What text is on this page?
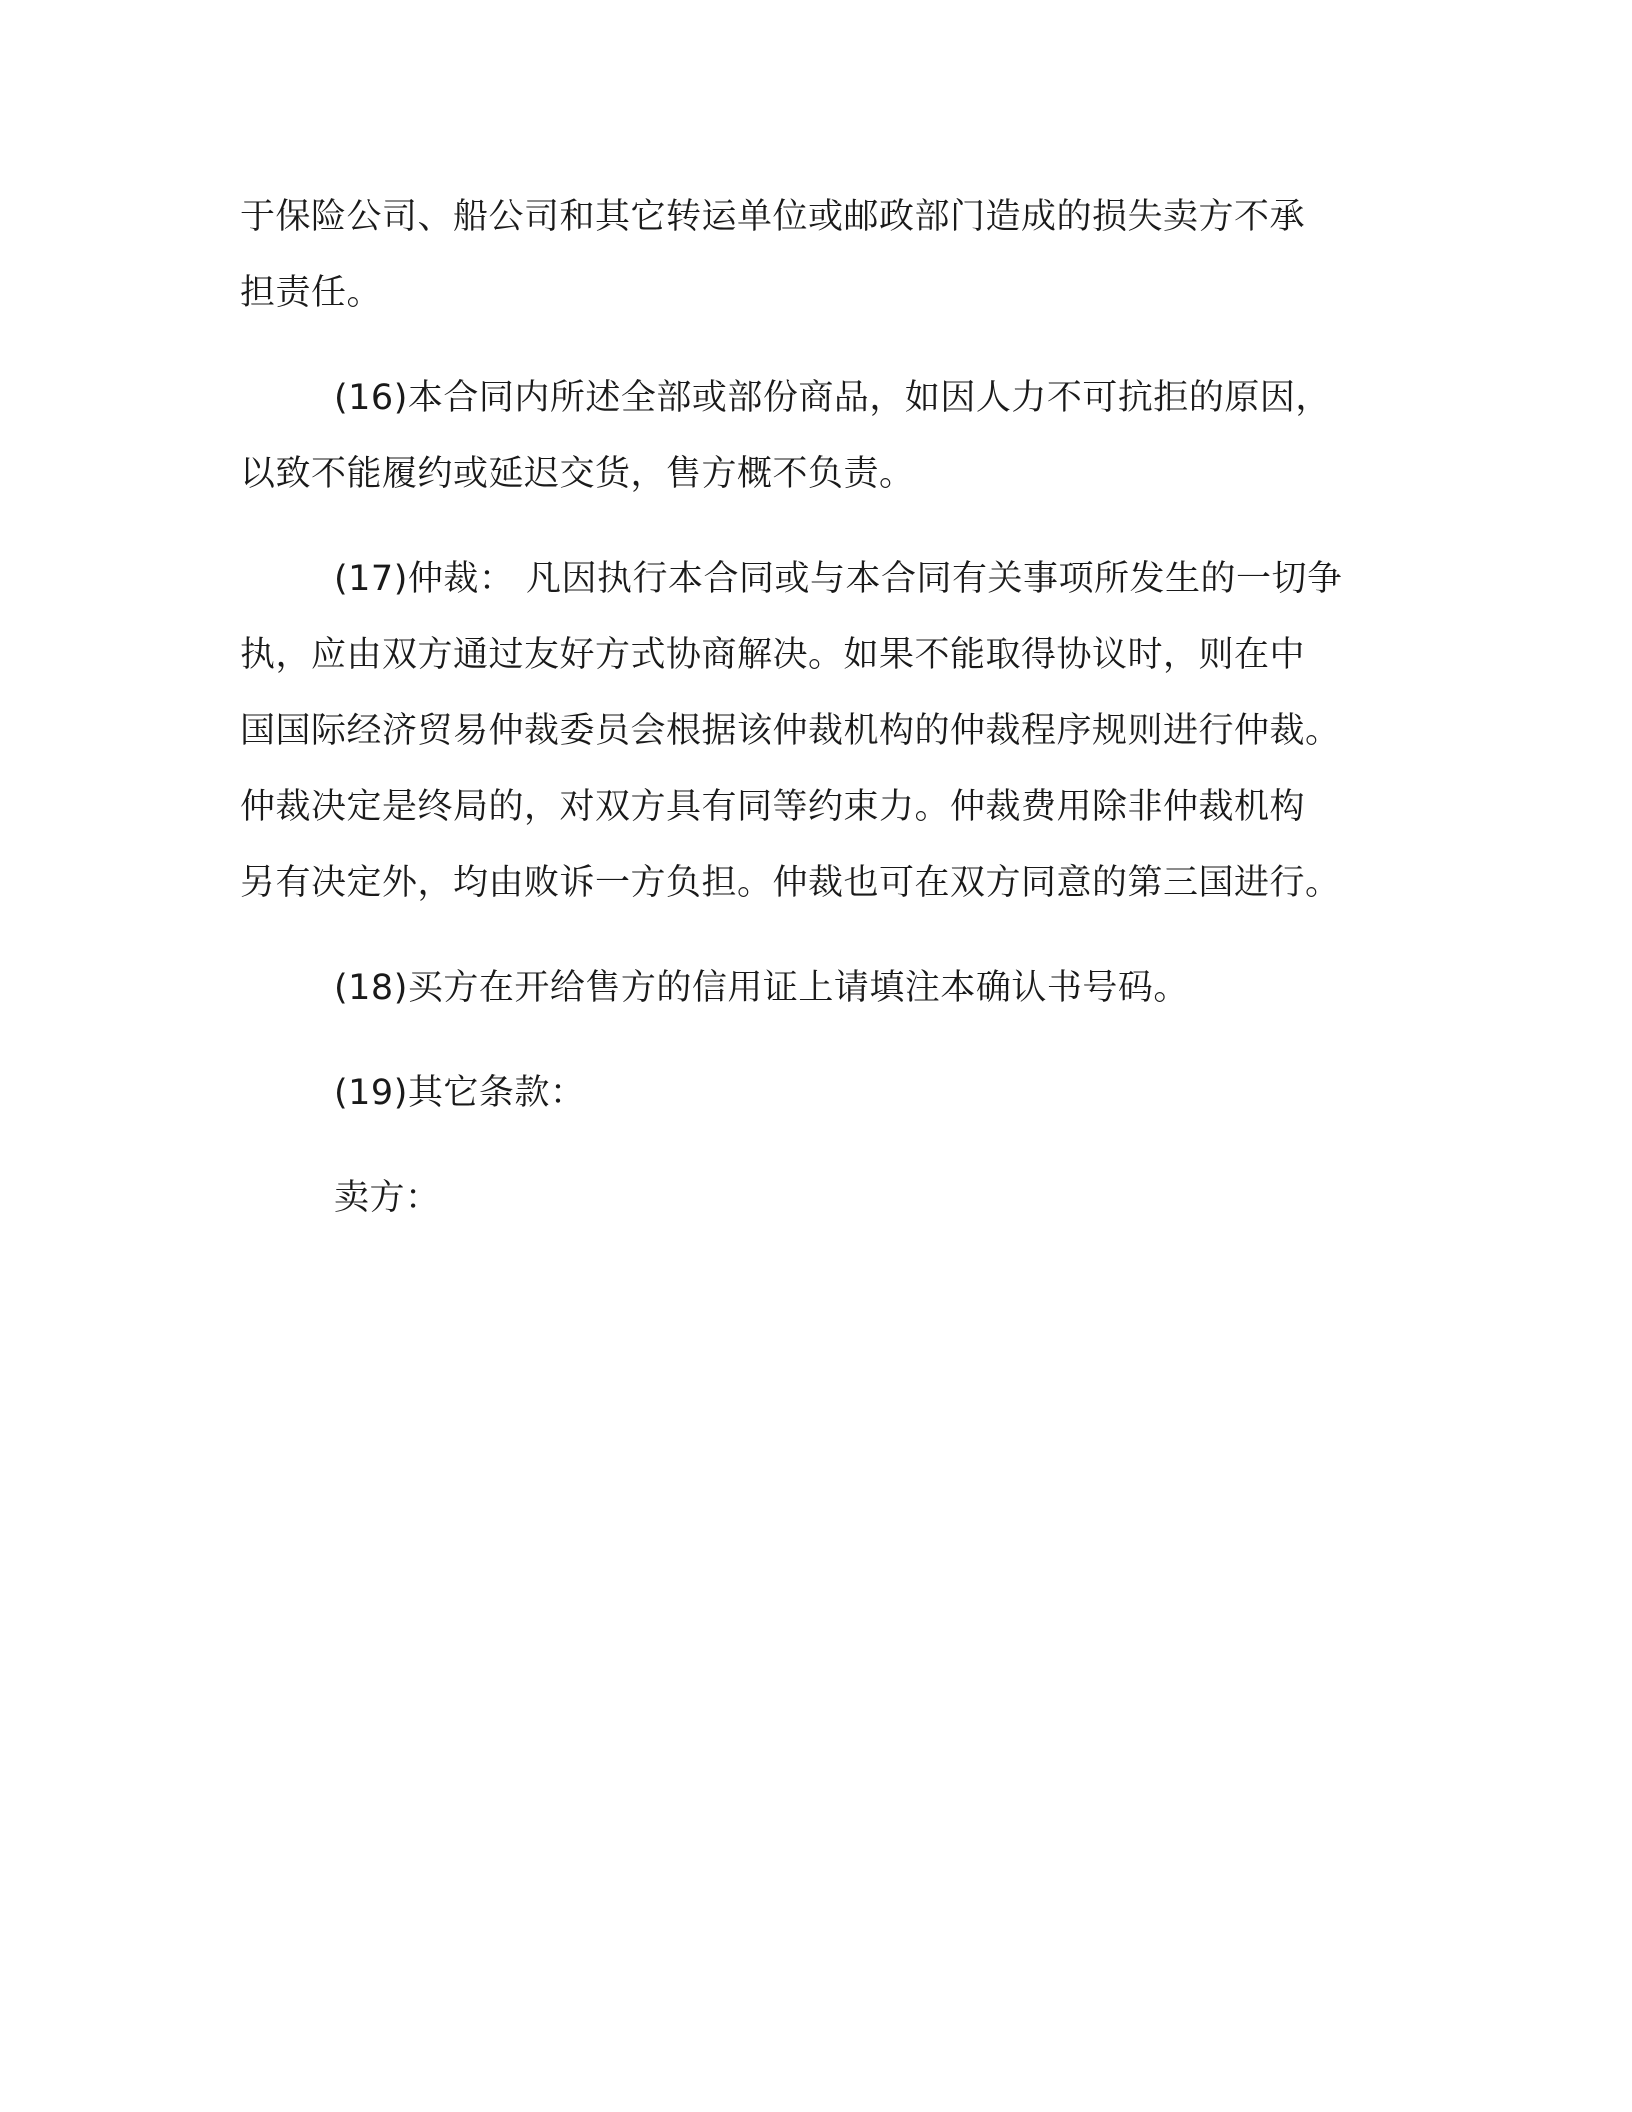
于保险公司、船公司和其它转运单位或邮政部门造成的损失卖方不承
担责任。
(16)本合同内所述全部或部份商品，如因人力不可抗拒的原因，
以致不能履约或延迟交货，售方概不负责。
(17)仲裁： 凡因执行本合同或与本合同有关事项所发生的一切争
执，应由双方通过友好方式协商解决。如果不能取得协议时，则在中
国国际经济贸易仲裁委员会根据该仲裁机构的仲裁程序规则进行仲裁。
仲裁决定是终局的，对双方具有同等约束力。仲裁费用除非仲裁机构
另有决定外，均由败诉一方负担。仲裁也可在双方同意的第三国进行。
(18)买方在开给售方的信用证上请填注本确认书号码。
(19)其它条款：
卖方：
